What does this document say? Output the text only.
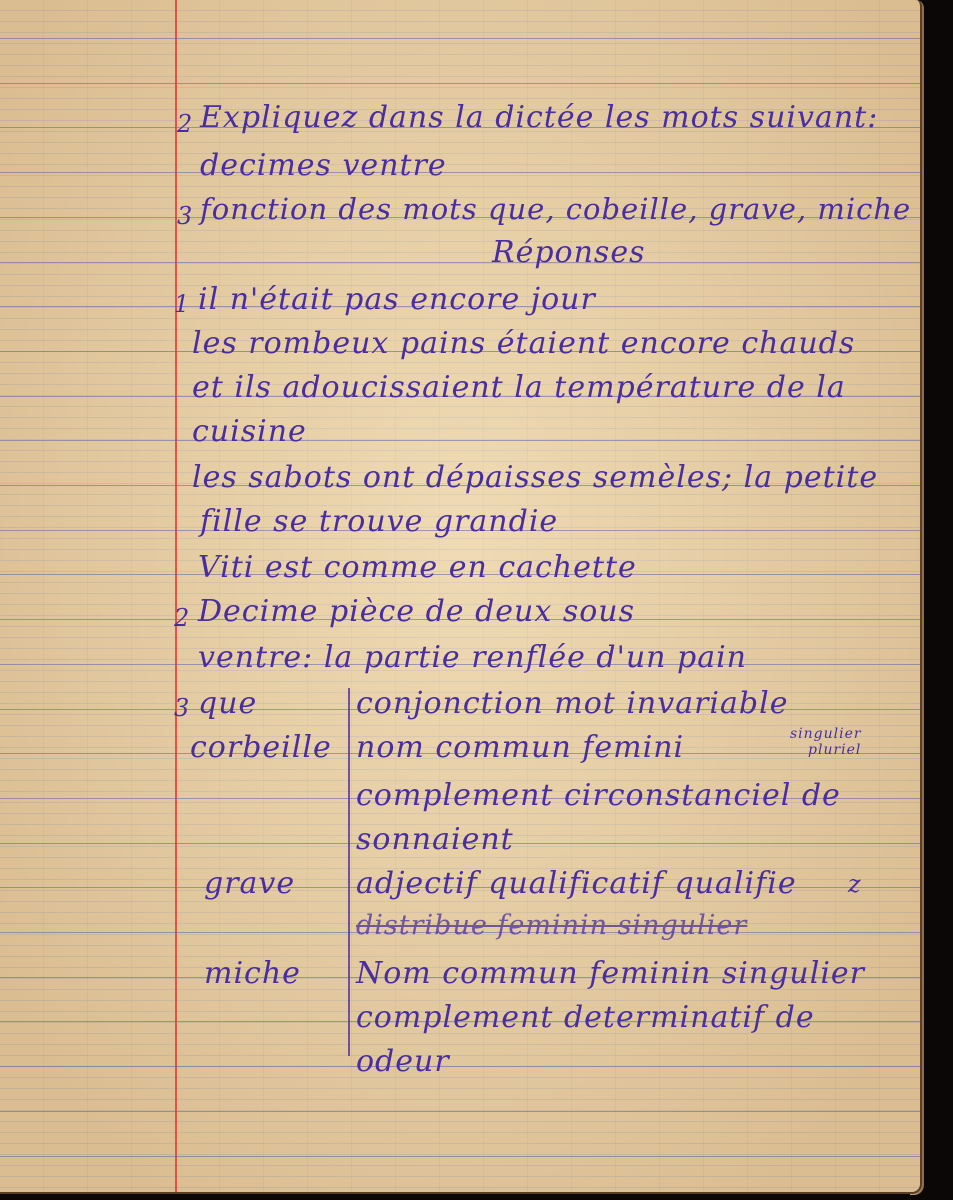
2 Expliquez dans la dictée les mots suivant:
decimes ventre
3 fonction des mots que, cobeille, grave, miche
Réponses
1 il n'était pas encore jour
les rombeux pains étaient encore chauds
et ils adoucissaient la température de la
cuisine
les sabots ont dépaisses semèles; la petite
fille se trouve grandie
Viti est comme en cachette
2 Decime pièce de deux sous
ventre: la partie renflée d'un pain
3 que	conjonction mot invariable
corbeille nom commun femini	singulier
pluriel
complement circonstanciel de
sonnaient
grave adjectif qualificatif qualifie z
distribue feminin singulier
miche Nom commun feminin singulier
complement determinatif de
odeur
